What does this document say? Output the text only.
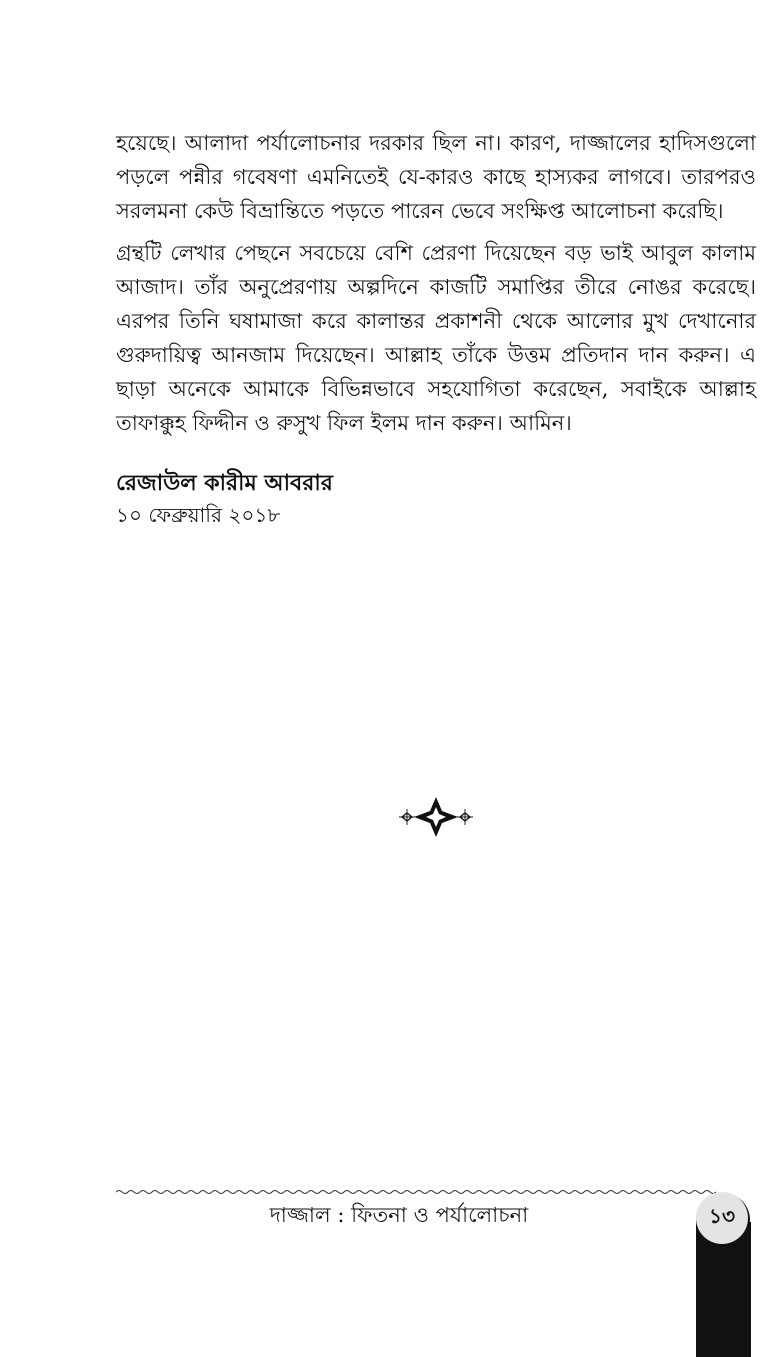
হয়েছে। আলাদা পর্যালোচনার দরকার ছিল না। কারণ, দাজ্জালের হাদিসগুলো পড়লে পন্নীর গবেষণা এমনিতেই যে-কারও কাছে হাস্যকর লাগবে। তারপরও সরলমনা কেউ বিভ্রান্তিতে পড়তে পারেন ভেবে সংক্ষিপ্ত আলোচনা করেছি।

গ্রন্থটি লেখার পেছনে সবচেয়ে বেশি প্রেরণা দিয়েছেন বড় ভাই আবুল কালাম আজাদ। তাঁর অনুপ্রেরণায় অল্পদিনে কাজটি সমাপ্তির তীরে নোঙর করেছে। এরপর তিনি ঘষামাজা করে কালান্তর প্রকাশনী থেকে আলোর মুখ দেখানোর গুরুদায়িত্ব আনজাম দিয়েছেন। আল্লাহ তাঁকে উত্তম প্রতিদান দান করুন। এ ছাড়া অনেকে আমাকে বিভিন্নভাবে সহযোগিতা করেছেন, সবাইকে আল্লাহ তাফাক্কুহ ফিদ্দীন ও রুসুখ ফিল ইলম দান করুন। আমিন।

রেজাউল কারীম আবরার

১০ ফেব্রুয়ারি ২০১৮

দাজ্জাল : ফিতনা ও পর্যালোচনা	১৩
